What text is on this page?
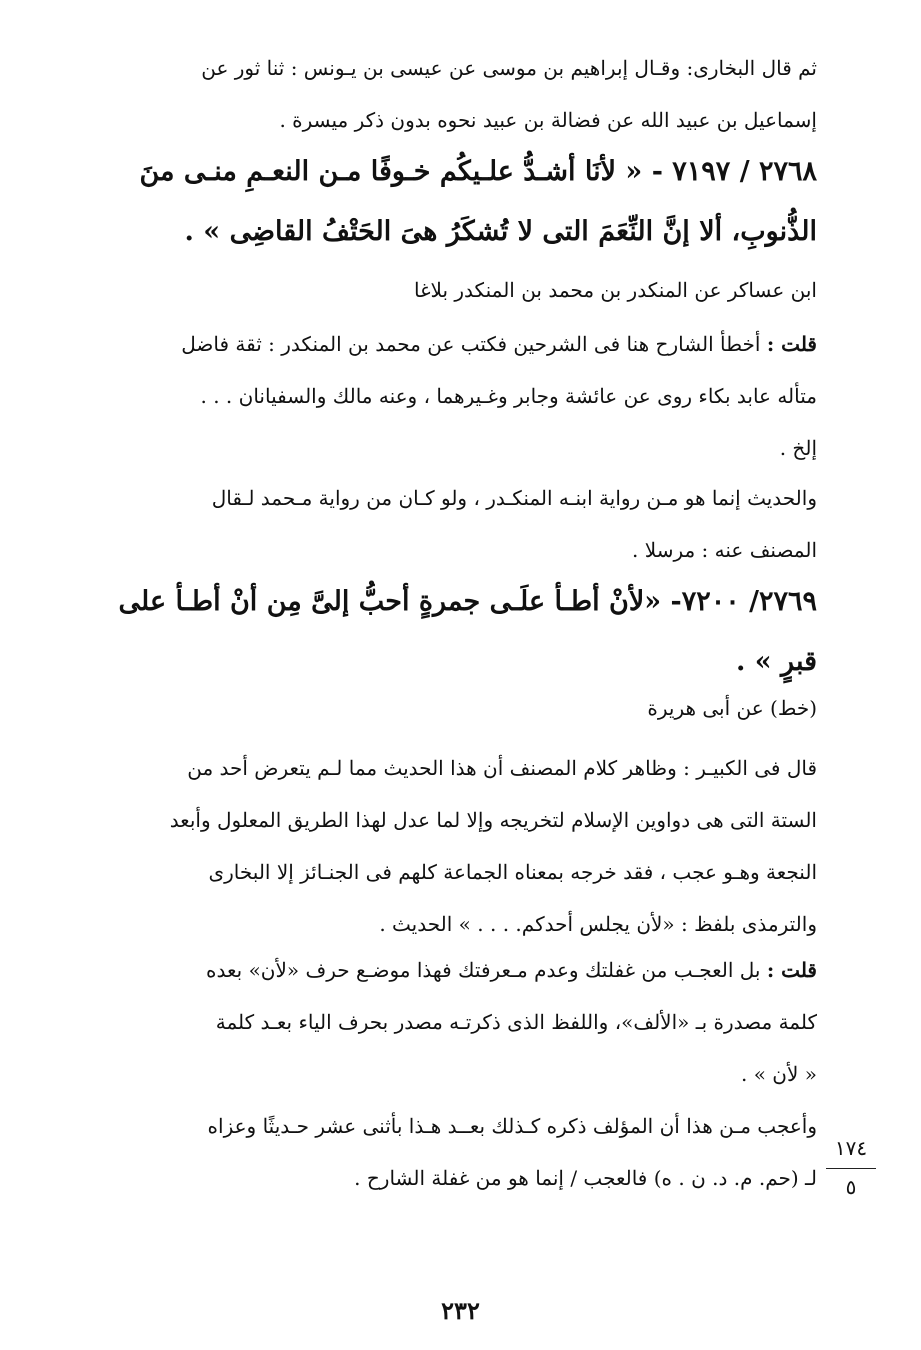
ثم قال البخارى: وقـال إبراهيم بن موسى عن عيسى بن يـونس : ثنا ثور عن
إسماعيل بن عبيد الله عن فضالة بن عبيد نحوه بدون ذكر ميسرة .
٢٧٦٨ / ٧١٩٧ - « لأنَا أشـدُّ علـيكُم خـوفًا مـن النعـمِ منـى منَ
الذُّنوبِ، ألا إنَّ النِّعَمَ التى لا تُشكَرُ هىَ الحَتْفُ القاضِى » .
ابن عساكر عن المنكدر بن محمد بن المنكدر بلاغا
قلت : أخطأ الشارح هنا فى الشرحين فكتب عن محمد بن المنكدر : ثقة فاضل
متأله عابد بكاء روى عن عائشة وجابر وغـيرهما ، وعنه مالك والسفيانان . . .
إلخ .
والحديث إنما هو مـن رواية ابنـه المنكـدر ، ولو كـان من رواية مـحمد لـقال
المصنف عنه : مرسلا .
٢٧٦٩/ ٧٢٠٠- «لأنْ أطـأ علَـى جمرةٍ أحبُّ إلىَّ مِن أنْ أطـأ على
قبرٍ » .
(خط) عن أبى هريرة
قال فى الكبيـر : وظاهر كلام المصنف أن هذا الحديث مما لـم يتعرض أحد من
الستة التى هى دواوين الإسلام لتخريجه وإلا لما عدل لهذا الطريق المعلول وأبعد
النجعة وهـو عجب ، فقد خرجه بمعناه الجماعة كلهم فى الجنـائز إلا البخارى
والترمذى بلفظ : «لأن يجلس أحدكم. . . . » الحديث .
قلت : بل العجـب من غفلتك وعدم مـعرفتك فهذا موضـع حرف «لأن» بعده
كلمة مصدرة بـ «الألف»، واللفظ الذى ذكرتـه مصدر بحرف الياء بعـد كلمة
« لأن » .
وأعجب مـن هذا أن المؤلف ذكره كـذلك بعــد هـذا بأثنى عشر حـديثًا وعزاه
لـ (حم. م. د. ن . ه) فالعجب / إنما هو من غفلة الشارح .
١٧٤
٥
٢٣٢
